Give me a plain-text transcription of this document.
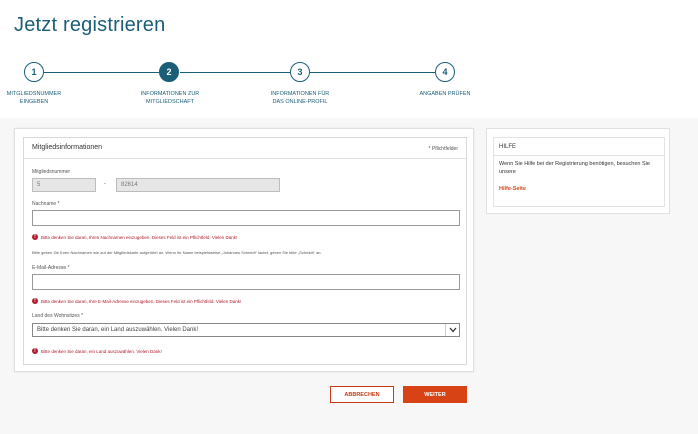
Jetzt registrieren
1	2	3	4
MITGLIEDSNUMMER
EINGEBEN
INFORMATIONEN ZUR
MITGLIEDSCHAFT
INFORMATIONEN FÜR
DAS ONLINE-PROFIL
ANGABEN PRÜFEN
Mitgliedsinformationen	* Pflichtfelder
Mitgliedsnummer
5	-	82614
Nachname *
!	Bitte denken Sie daran, Ihren Nachnamen einzugeben. Dieses Feld ist ein Pflichtfeld. Vielen Dank!
Bitte geben Sie Ihren Nachnamen wie auf der Mitgliedskarte aufgeführt an. Wenn Ihr Name beispielsweise „Johannes Schmidt“ lautet, geben Sie bitte „Schmidt“ an.
E-Mail-Adresse *
!	Bitte denken Sie daran, Ihre E-Mail-Adresse einzugeben. Dieses Feld ist ein Pflichtfeld. Vielen Dank!
Land des Wohnsitzes *
Bitte denken Sie daran, ein Land auszuwählen. Vielen Dank!
!	Bitte denken Sie daran, ein Land auszuwählen. Vielen Dank!
HILFE
Wenn Sie Hilfe bei der Registrierung benötigen, besuchen Sie unsere
Hilfe-Seite
ABBRECHEN	WEITER
